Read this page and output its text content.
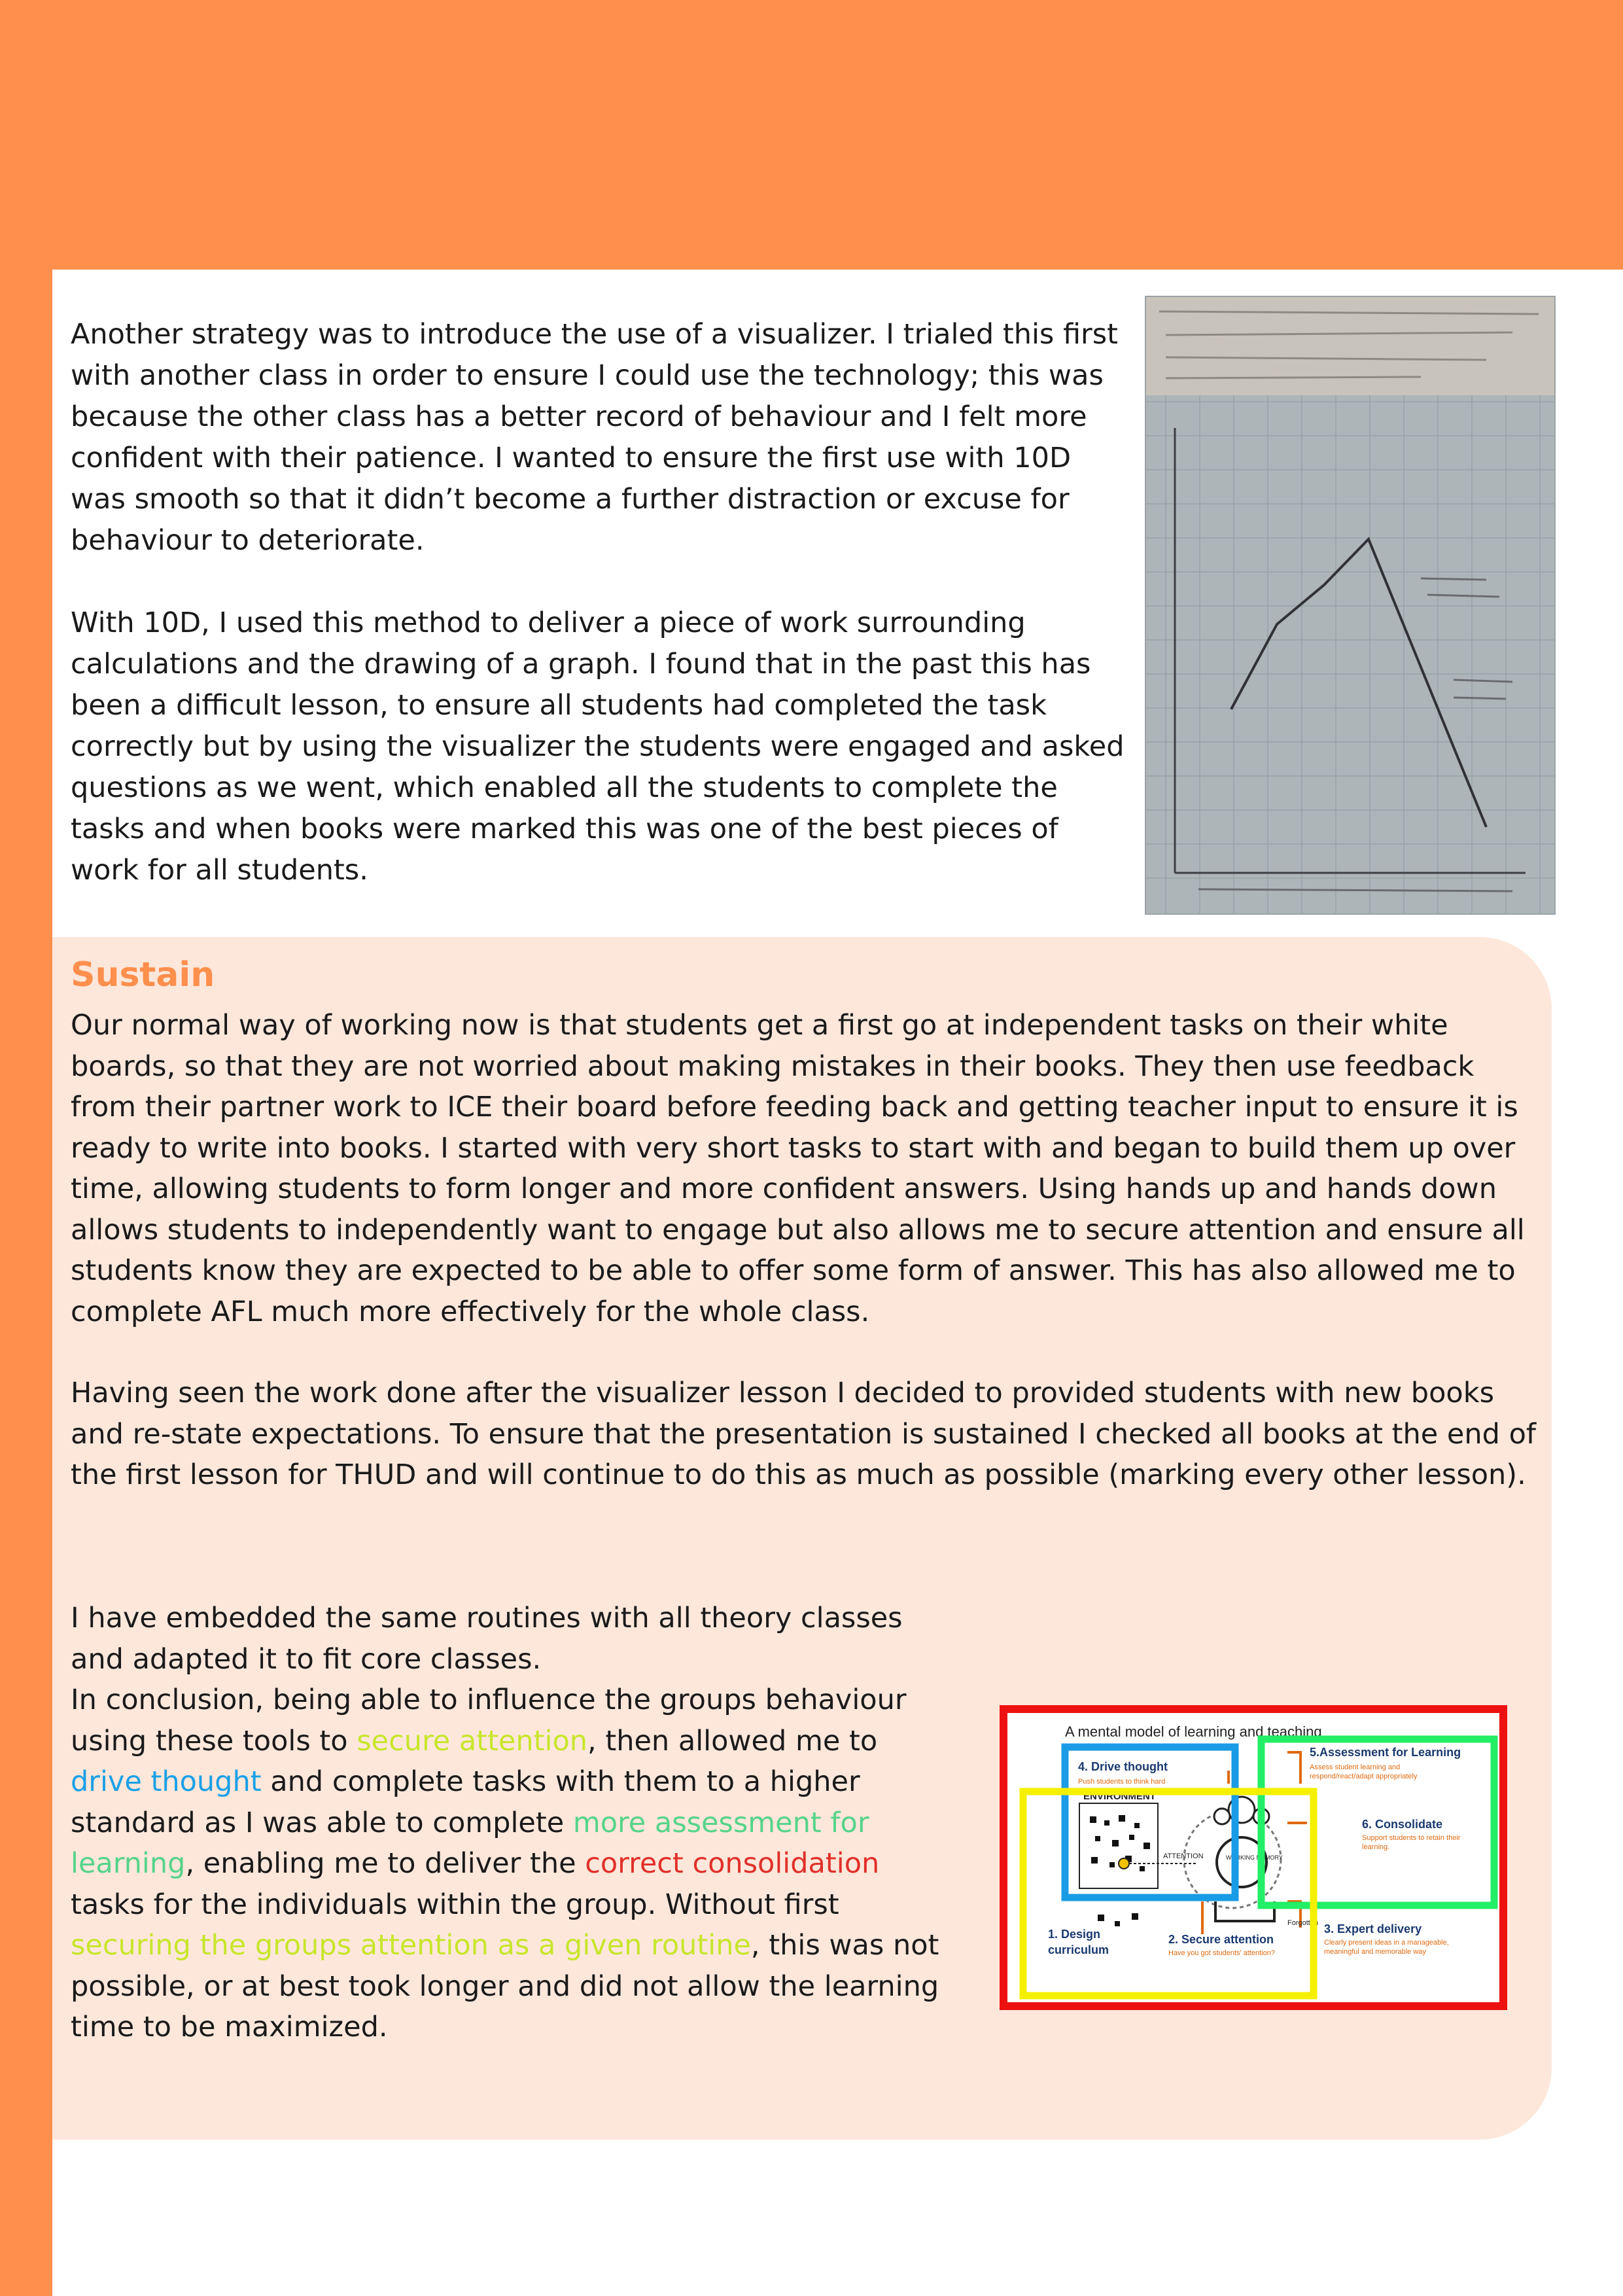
Another strategy was to introduce the use of a visualizer. I trialed this first with another class in order to ensure I could use the technology; this was because the other class has a better record of behaviour and I felt more confident with their patience. I wanted to ensure the first use with 10D was smooth so that it didn’t become a further distraction or excuse for behaviour to deteriorate.

With 10D, I used this method to deliver a piece of work surrounding calculations and the drawing of a graph. I found that in the past this has been a difficult lesson, to ensure all students had completed the task correctly but by using the visualizer the students were engaged and asked questions as we went, which enabled all the students to complete the tasks and when books were marked this was one of the best pieces of work for all students.

Sustain

Our normal way of working now is that students get a first go at independent tasks on their white boards, so that they are not worried about making mistakes in their books. They then use feedback from their partner work to ICE their board before feeding back and getting teacher input to ensure it is ready to write into books. I started with very short tasks to start with and began to build them up over time, allowing students to form longer and more confident answers. Using hands up and hands down allows students to independently want to engage but also allows me to secure attention and ensure all students know they are expected to be able to offer some form of answer. This has also allowed me to complete AFL much more effectively for the whole class.

Having seen the work done after the visualizer lesson I decided to provided students with new books and re-state expectations. To ensure that the presentation is sustained I checked all books at the end of the first lesson for THUD and will continue to do this as much as possible (marking every other lesson).

I have embedded the same routines with all theory classes and adapted it to fit core classes.

In conclusion, being able to influence the groups behaviour using these tools to secure attention, then allowed me to drive thought and complete tasks with them to a higher standard as I was able to complete more assessment for learning, enabling me to deliver the correct consolidation tasks for the individuals within the group. Without first securing the groups attention as a given routine, this was not possible, or at best took longer and did not allow the learning time to be maximized.

A mental model of learning and teaching
ENVIRONMENT
ATTENTION	WORKING MEMORY
Forgotten
4. Drive thought
Push students to think hard
5.Assessment for Learning
Assess student learning and
respond/react/adapt appropriately
6. Consolidate
Support students to retain their
learning.
1. Design
curriculum
2. Secure attention
Have you got students' attention?
3. Expert delivery
Clearly present ideas in a manageable,
meaningful and memorable way
